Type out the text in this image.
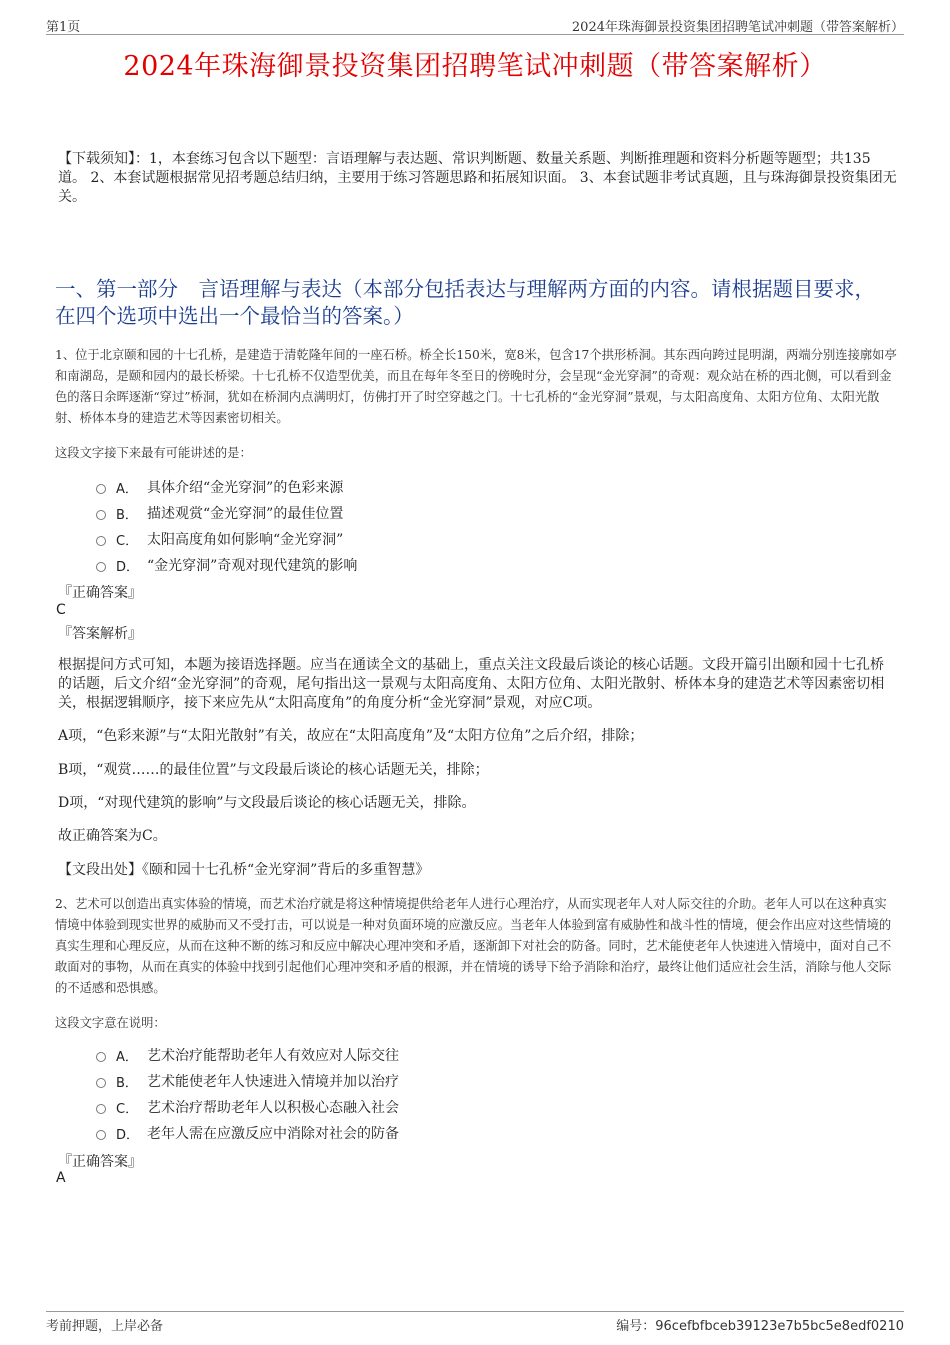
第1页	2024年珠海御景投资集团招聘笔试冲刺题（带答案解析）
2024年珠海御景投资集团招聘笔试冲刺题（带答案解析）
【下载须知】：1，本套练习包含以下题型：言语理解与表达题、常识判断题、数量关系题、判断推理题和资料分析题等题型；共135道。 2、本套试题根据常见招考题总结归纳，主要用于练习答题思路和拓展知识面。 3、本套试题非考试真题，且与珠海御景投资集团无关。
一、第一部分　言语理解与表达（本部分包括表达与理解两方面的内容。请根据题目要求，在四个选项中选出一个最恰当的答案。）
1、位于北京颐和园的十七孔桥，是建造于清乾隆年间的一座石桥。桥全长150米，宽8米，包含17个拱形桥洞。其东西向跨过昆明湖，两端分别连接廓如亭和南湖岛，是颐和园内的最长桥梁。十七孔桥不仅造型优美，而且在每年冬至日的傍晚时分，会呈现“金光穿洞”的奇观：观众站在桥的西北侧，可以看到金色的落日余晖逐渐“穿过”桥洞，犹如在桥洞内点满明灯，仿佛打开了时空穿越之门。十七孔桥的“金光穿洞”景观，与太阳高度角、太阳方位角、太阳光散射、桥体本身的建造艺术等因素密切相关。
这段文字接下来最有可能讲述的是：
A． 具体介绍“金光穿洞”的色彩来源
B． 描述观赏“金光穿洞”的最佳位置
C． 太阳高度角如何影响“金光穿洞”
D． “金光穿洞”奇观对现代建筑的影响
『正确答案』
C
『答案解析』
根据提问方式可知，本题为接语选择题。应当在通读全文的基础上，重点关注文段最后谈论的核心话题。文段开篇引出颐和园十七孔桥的话题，后文介绍“金光穿洞”的奇观，尾句指出这一景观与太阳高度角、太阳方位角、太阳光散射、桥体本身的建造艺术等因素密切相关，根据逻辑顺序，接下来应先从“太阳高度角”的角度分析“金光穿洞”景观，对应C项。
A项，“色彩来源”与“太阳光散射”有关，故应在“太阳高度角”及“太阳方位角”之后介绍，排除；
B项，“观赏……的最佳位置”与文段最后谈论的核心话题无关，排除；
D项，“对现代建筑的影响”与文段最后谈论的核心话题无关，排除。
故正确答案为C。
【文段出处】《颐和园十七孔桥“金光穿洞”背后的多重智慧》
2、艺术可以创造出真实体验的情境，而艺术治疗就是将这种情境提供给老年人进行心理治疗，从而实现老年人对人际交往的介助。老年人可以在这种真实情境中体验到现实世界的威胁而又不受打击，可以说是一种对负面环境的应激反应。当老年人体验到富有威胁性和战斗性的情境，便会作出应对这些情境的真实生理和心理反应，从而在这种不断的练习和反应中解决心理冲突和矛盾，逐渐卸下对社会的防备。同时，艺术能使老年人快速进入情境中，面对自己不敢面对的事物，从而在真实的体验中找到引起他们心理冲突和矛盾的根源，并在情境的诱导下给予消除和治疗，最终让他们适应社会生活，消除与他人交际的不适感和恐惧感。
这段文字意在说明：
A． 艺术治疗能帮助老年人有效应对人际交往
B． 艺术能使老年人快速进入情境并加以治疗
C． 艺术治疗帮助老年人以积极心态融入社会
D． 老年人需在应激反应中消除对社会的防备
『正确答案』
A
考前押题，上岸必备	编号：96cefbfbceb39123e7b5bc5e8edf0210
